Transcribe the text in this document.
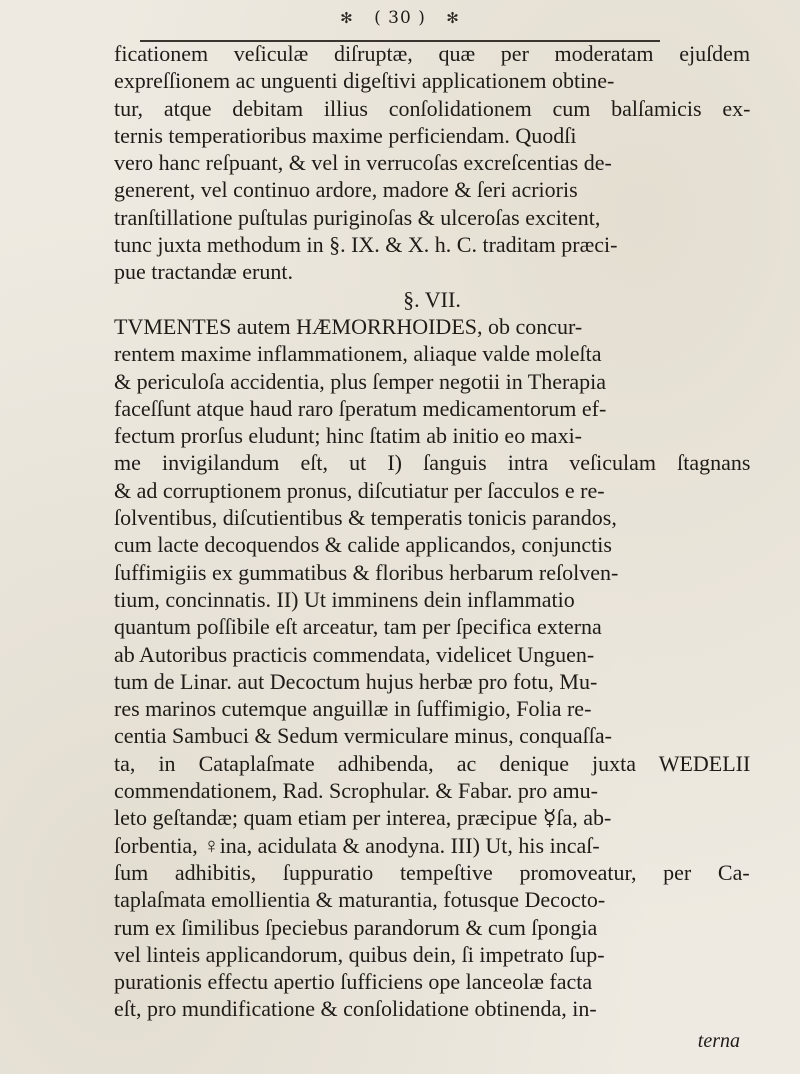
✻ ( 30 ) ✻
ficationem veſiculæ diſruptæ, quæ per moderatam ejuſdem
expreſſionem ac unguenti digeſtivi applicationem obtine-
tur, atque debitam illius conſolidationem cum balſamicis ex-
ternis temperatioribus maxime perficiendam. Quodſi
vero hanc reſpuant, & vel in verrucoſas excreſcentias de-
generent, vel continuo ardore, madore & ſeri acrioris
tranſtillatione puſtulas puriginoſas & ulceroſas excitent,
tunc juxta methodum in §. IX. & X. h. C. traditam præci-
pue tractandæ erunt.
§. VII.
TVMENTES autem HÆMORRHOIDES, ob concur-
rentem maxime inflammationem, aliaque valde moleſta
& periculoſa accidentia, plus ſemper negotii in Therapia
faceſſunt atque haud raro ſperatum medicamentorum ef-
fectum prorſus eludunt; hinc ſtatim ab initio eo maxi-
me invigilandum eſt, ut I) ſanguis intra veſiculam ſtagnans
& ad corruptionem pronus, diſcutiatur per ſacculos e re-
ſolventibus, diſcutientibus & temperatis tonicis parandos,
cum lacte decoquendos & calide applicandos, conjunctis
ſuffimigiis ex gummatibus & floribus herbarum reſolven-
tium, concinnatis. II) Ut imminens dein inflammatio
quantum poſſibile eſt arceatur, tam per ſpecifica externa
ab Autoribus practicis commendata, videlicet Unguen-
tum de Linar. aut Decoctum hujus herbæ pro fotu, Mu-
res marinos cutemque anguillæ in ſuffimigio, Folia re-
centia Sambuci & Sedum vermiculare minus, conquaſſa-
ta, in Cataplaſmate adhibenda, ac denique juxta WEDELII
commendationem, Rad. Scrophular. & Fabar. pro amu-
leto geſtandæ; quam etiam per interea, præcipue ☿ſa, ab-
ſorbentia, ♀ina, acidulata & anodyna. III) Ut, his incaſ-
ſum adhibitis, ſuppuratio tempeſtive promoveatur, per Ca-
taplaſmata emollientia & maturantia, fotusque Decocto-
rum ex ſimilibus ſpeciebus parandorum & cum ſpongia
vel linteis applicandorum, quibus dein, ſi impetrato ſup-
purationis effectu apertio ſufficiens ope lanceolæ facta
eſt, pro mundificatione & conſolidatione obtinenda, in-
terna
